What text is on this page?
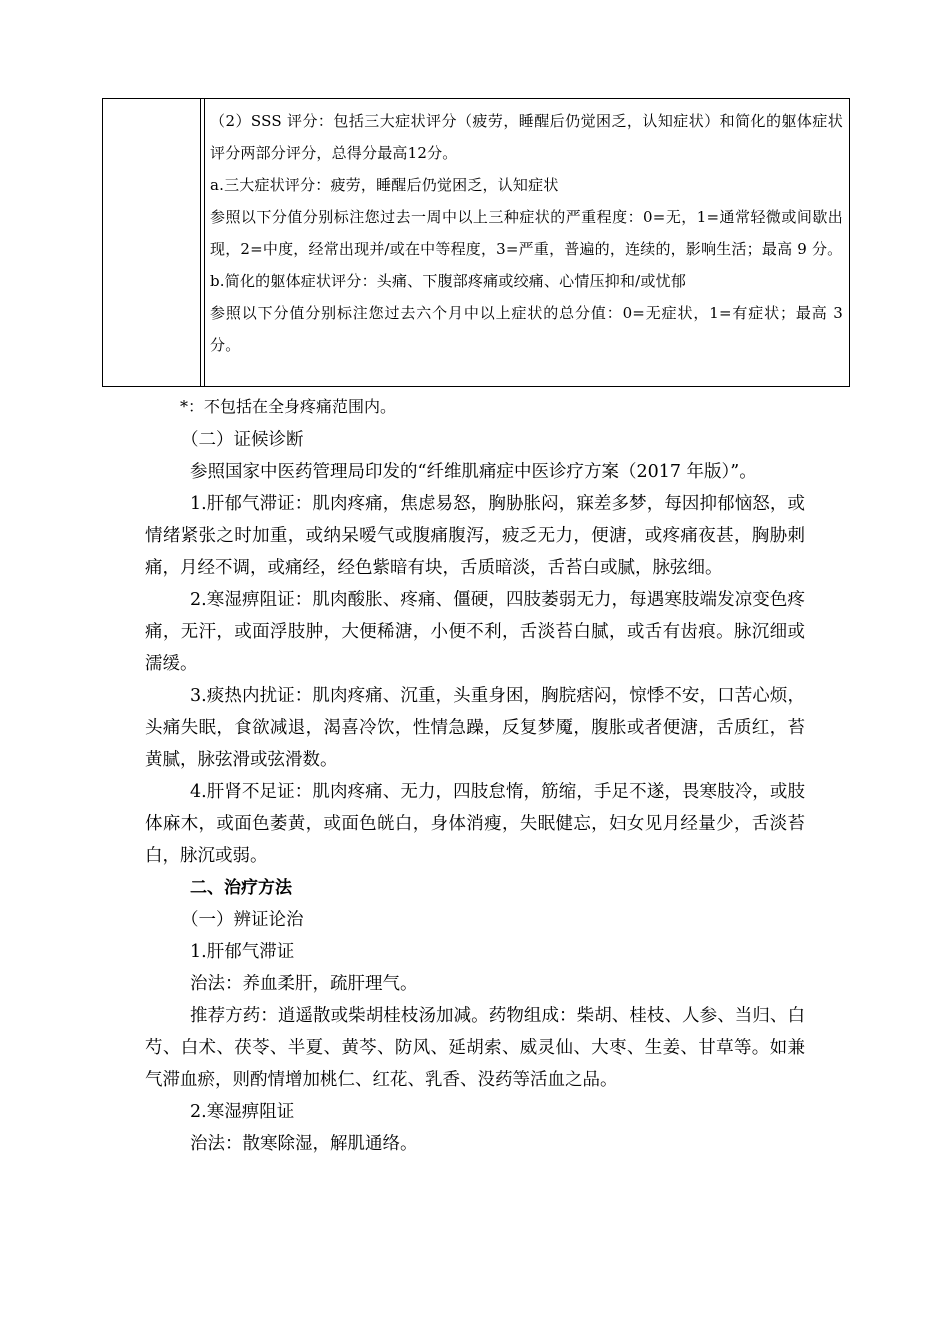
（2）SSS 评分：包括三大症状评分（疲劳，睡醒后仍觉困乏，认知症状）和简化的躯体症状评分两部分评分，总得分最高12分。

a.三大症状评分：疲劳，睡醒后仍觉困乏，认知症状

参照以下分值分别标注您过去一周中以上三种症状的严重程度：0=无，1=通常轻微或间歇出现，2=中度，经常出现并/或在中等程度，3=严重，普遍的，连续的，影响生活；最高 9 分。

b.简化的躯体症状评分：头痛、下腹部疼痛或绞痛、心情压抑和/或忧郁

参照以下分值分别标注您过去六个月中以上症状的总分值：0=无症状，1=有症状；最高 3 分。

*：不包括在全身疼痛范围内。

（二）证候诊断

参照国家中医药管理局印发的“纤维肌痛症中医诊疗方案（2017 年版）”。

1.肝郁气滞证：肌肉疼痛，焦虑易怒，胸胁胀闷，寐差多梦，每因抑郁恼怒，或情绪紧张之时加重，或纳呆嗳气或腹痛腹泻，疲乏无力，便溏，或疼痛夜甚，胸胁刺痛，月经不调，或痛经，经色紫暗有块，舌质暗淡，舌苔白或腻，脉弦细。

2.寒湿痹阻证：肌肉酸胀、疼痛、僵硬，四肢萎弱无力，每遇寒肢端发凉变色疼痛，无汗，或面浮肢肿，大便稀溏，小便不利，舌淡苔白腻，或舌有齿痕。脉沉细或濡缓。

3.痰热内扰证：肌肉疼痛、沉重，头重身困，胸脘痞闷，惊悸不安，口苦心烦，头痛失眠，食欲减退，渴喜冷饮，性情急躁，反复梦魇，腹胀或者便溏，舌质红，苔黄腻，脉弦滑或弦滑数。

4.肝肾不足证：肌肉疼痛、无力，四肢怠惰，筋缩，手足不遂，畏寒肢冷，或肢体麻木，或面色萎黄，或面色㿠白，身体消瘦，失眠健忘，妇女见月经量少，舌淡苔白，脉沉或弱。

二、治疗方法

（一）辨证论治

1.肝郁气滞证

治法：养血柔肝，疏肝理气。

推荐方药：逍遥散或柴胡桂枝汤加减。药物组成：柴胡、桂枝、人参、当归、白芍、白术、茯苓、半夏、黄芩、防风、延胡索、威灵仙、大枣、生姜、甘草等。如兼气滞血瘀，则酌情增加桃仁、红花、乳香、没药等活血之品。

2.寒湿痹阻证

治法：散寒除湿，解肌通络。
